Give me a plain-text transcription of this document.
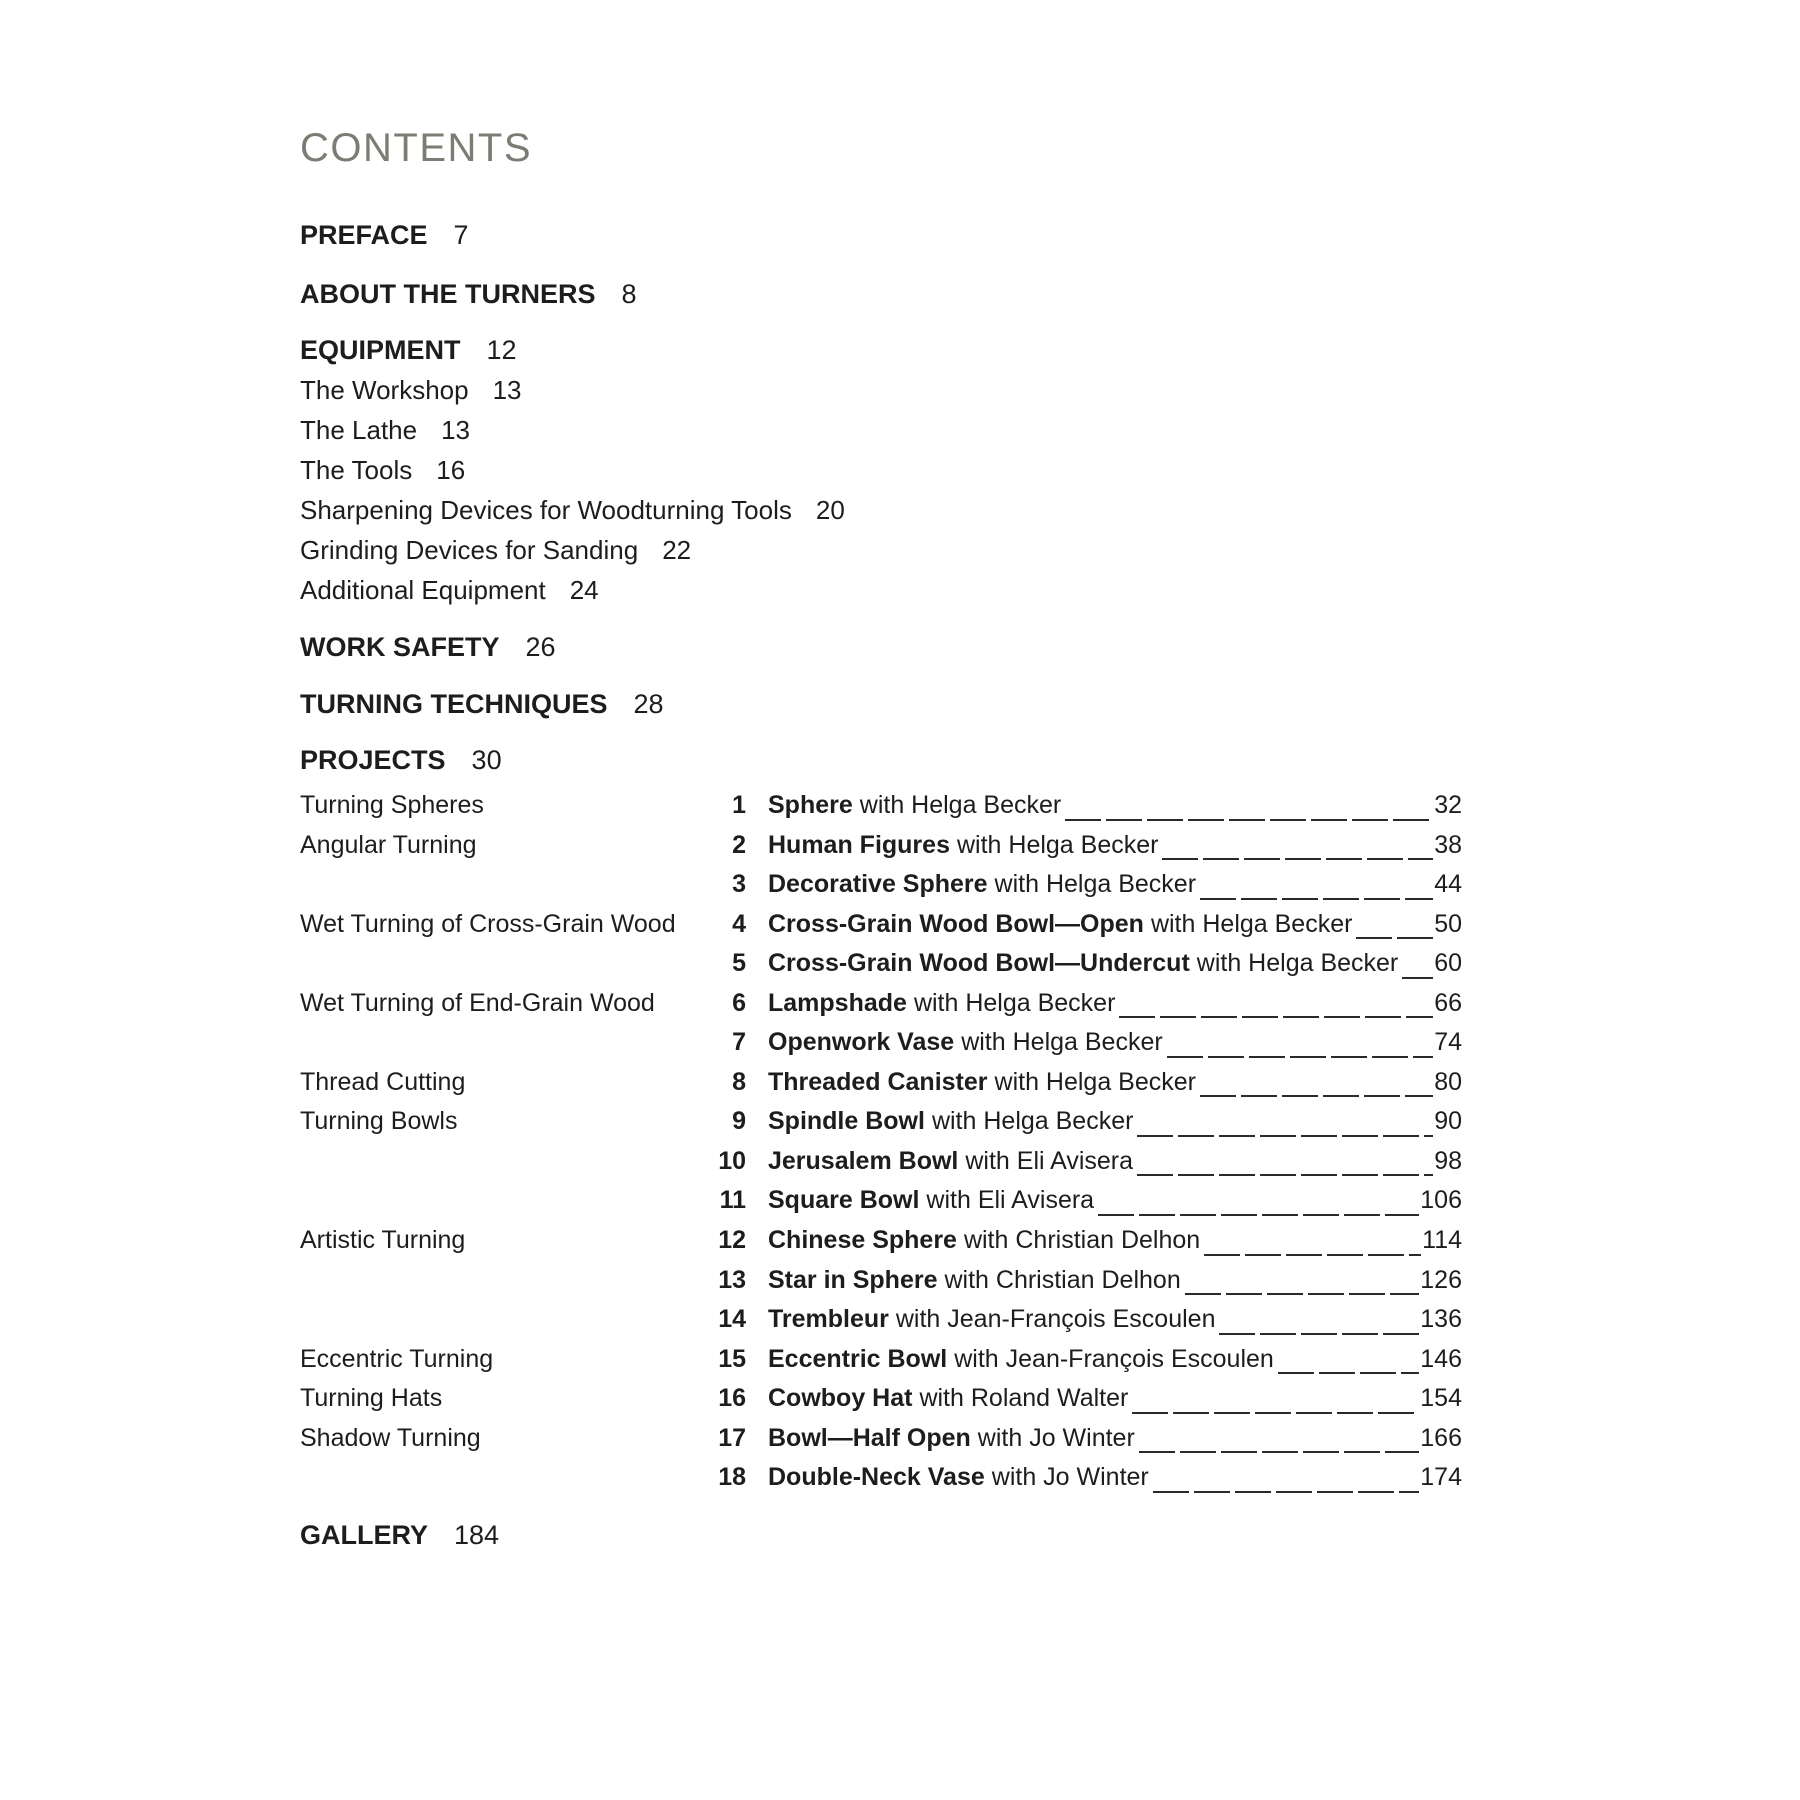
CONTENTS
PREFACE 7
ABOUT THE TURNERS 8
EQUIPMENT 12
The Workshop 13
The Lathe 13
The Tools 16
Sharpening Devices for Woodturning Tools 20
Grinding Devices for Sanding 22
Additional Equipment 24
WORK SAFETY 26
TURNING TECHNIQUES 28
PROJECTS 30
Turning Spheres	1 Sphere with Helga Becker	32
Angular Turning	2 Human Figures with Helga Becker	38
3 Decorative Sphere with Helga Becker	44
Wet Turning of Cross-Grain Wood	4 Cross-Grain Wood Bowl—Open with Helga Becker	50
5 Cross-Grain Wood Bowl—Undercut with Helga Becker 60
Wet Turning of End-Grain Wood	6 Lampshade with Helga Becker	66
7 Openwork Vase with Helga Becker	74
Thread Cutting	8 Threaded Canister with Helga Becker	80
Turning Bowls	9 Spindle Bowl with Helga Becker	90
10 Jerusalem Bowl with Eli Avisera	98
11 Square Bowl with Eli Avisera	106
Artistic Turning	12 Chinese Sphere with Christian Delhon	114
13 Star in Sphere with Christian Delhon	126
14 Trembleur with Jean-François Escoulen	136
Eccentric Turning	15 Eccentric Bowl with Jean-François Escoulen	146
Turning Hats	16 Cowboy Hat with Roland Walter	154
Shadow Turning	17 Bowl—Half Open with Jo Winter	166
18 Double-Neck Vase with Jo Winter	174
GALLERY 184
